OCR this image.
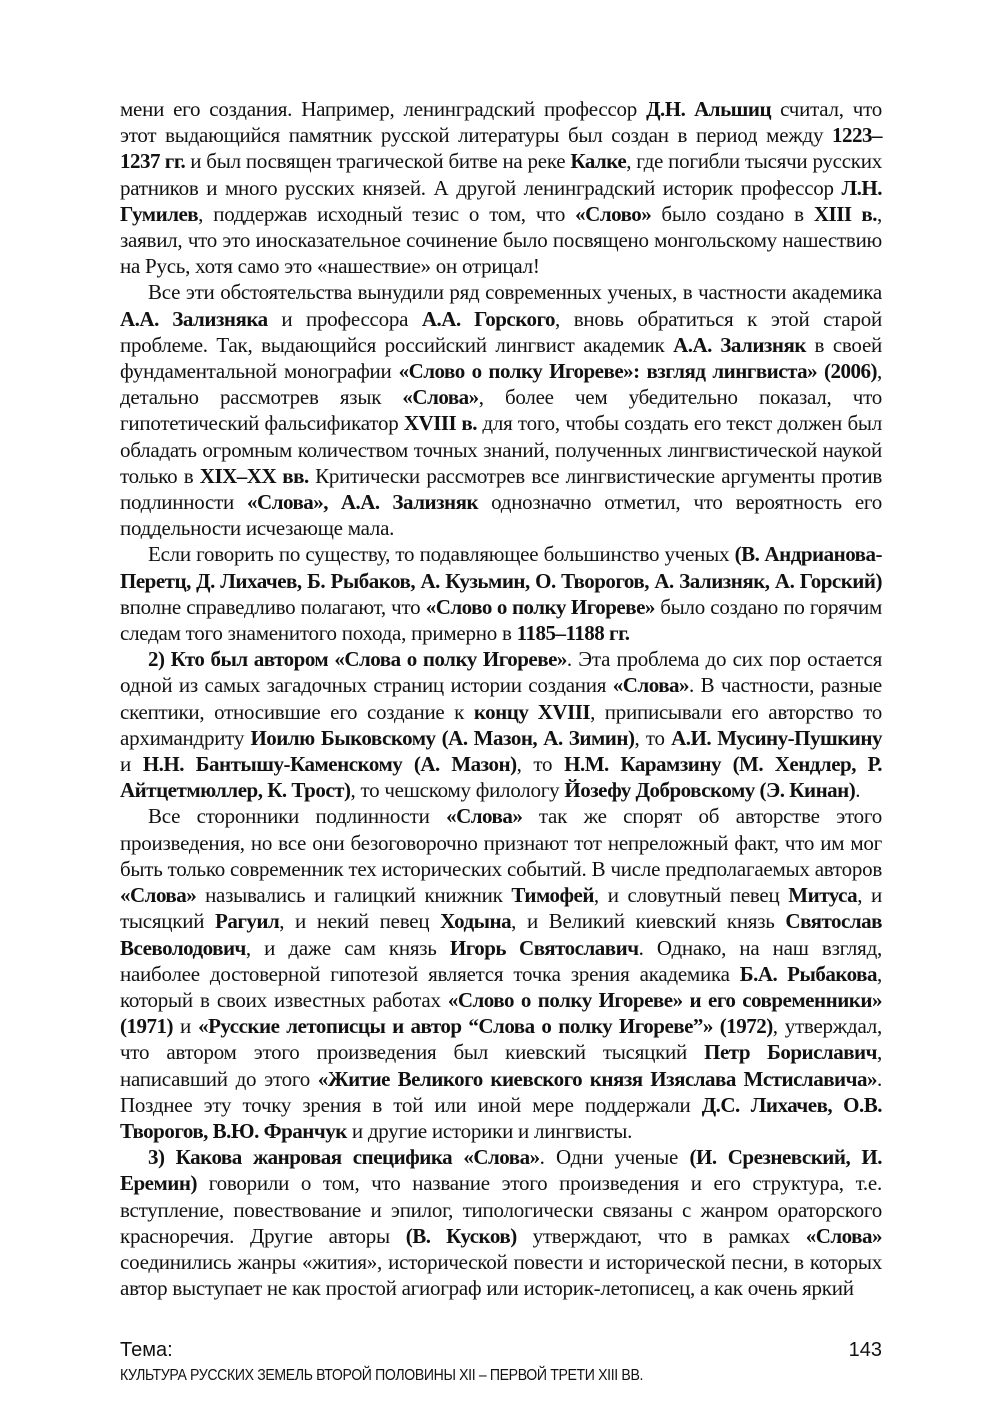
мени его создания. Например, ленинградский профессор Д.Н. Альшиц считал, что этот выдающийся памятник русской литературы был создан в период между 1223–1237 гг. и был посвящен трагической битве на реке Калке, где погибли тысячи русских ратников и много русских князей. А другой ленинградский историк профессор Л.Н. Гумилев, поддержав исходный тезис о том, что «Слово» было создано в XIII в., заявил, что это иносказательное сочинение было посвящено монгольскому нашествию на Русь, хотя само это «нашествие» он отрицал!

Все эти обстоятельства вынудили ряд современных ученых, в частности академика А.А. Зализняка и профессора А.А. Горского, вновь обратиться к этой старой проблеме. Так, выдающийся российский лингвист академик А.А. Зализняк в своей фундаментальной монографии «Слово о полку Игореве»: взгляд лингвиста» (2006), детально рассмотрев язык «Слова», более чем убедительно показал, что гипотетический фальсификатор XVIII в. для того, чтобы создать его текст должен был обладать огромным количеством точных знаний, полученных лингвистической наукой только в XIX–XX вв. Критически рассмотрев все лингвистические аргументы против подлинности «Слова», А.А. Зализняк однозначно отметил, что вероятность его поддельности исчезающе мала.

Если говорить по существу, то подавляющее большинство ученых (В. Андрианова-Перетц, Д. Лихачев, Б. Рыбаков, А. Кузьмин, О. Творогов, А. Зализняк, А. Горский) вполне справедливо полагают, что «Слово о полку Игореве» было создано по горячим следам того знаменитого похода, примерно в 1185–1188 гг.

2) Кто был автором «Слова о полку Игореве». Эта проблема до сих пор остается одной из самых загадочных страниц истории создания «Слова». В частности, разные скептики, относившие его создание к концу XVIII, приписывали его авторство то архимандриту Иоилю Быковскому (А. Мазон, А. Зимин), то А.И. Мусину-Пушкину и Н.Н. Бантышу-Каменскому (А. Мазон), то Н.М. Карамзину (М. Хендлер, Р. Айтцетмюллер, К. Трост), то чешскому филологу Йозефу Добровскому (Э. Кинан).

Все сторонники подлинности «Слова» так же спорят об авторстве этого произведения, но все они безоговорочно признают тот непреложный факт, что им мог быть только современник тех исторических событий. В числе предполагаемых авторов «Слова» назывались и галицкий книжник Тимофей, и словутный певец Митуса, и тысяцкий Рагуил, и некий певец Ходына, и Великий киевский князь Святослав Всеволодович, и даже сам князь Игорь Святославич. Однако, на наш взгляд, наиболее достоверной гипотезой является точка зрения академика Б.А. Рыбакова, который в своих известных работах «Слово о полку Игореве» и его современники» (1971) и «Русские летописцы и автор “Слова о полку Игореве”» (1972), утверждал, что автором этого произведения был киевский тысяцкий Петр Бориславич, написавший до этого «Житие Великого киевского князя Изяслава Мстиславича». Позднее эту точку зрения в той или иной мере поддержали Д.С. Лихачев, О.В. Творогов, В.Ю. Франчук и другие историки и лингвисты.

3) Какова жанровая специфика «Слова». Одни ученые (И. Срезневский, И. Еремин) говорили о том, что название этого произведения и его структура, т.е. вступление, повествование и эпилог, типологически связаны с жанром ораторского красноречия. Другие авторы (В. Кусков) утверждают, что в рамках «Слова» соединились жанры «жития», исторической повести и исторической песни, в которых автор выступает не как простой агиограф или историк-летописец, а как очень яркий

Тема:	143
КУЛЬТУРА РУССКИХ ЗЕМЕЛЬ ВТОРОЙ ПОЛОВИНЫ XII – ПЕРВОЙ ТРЕТИ XIII ВВ.
